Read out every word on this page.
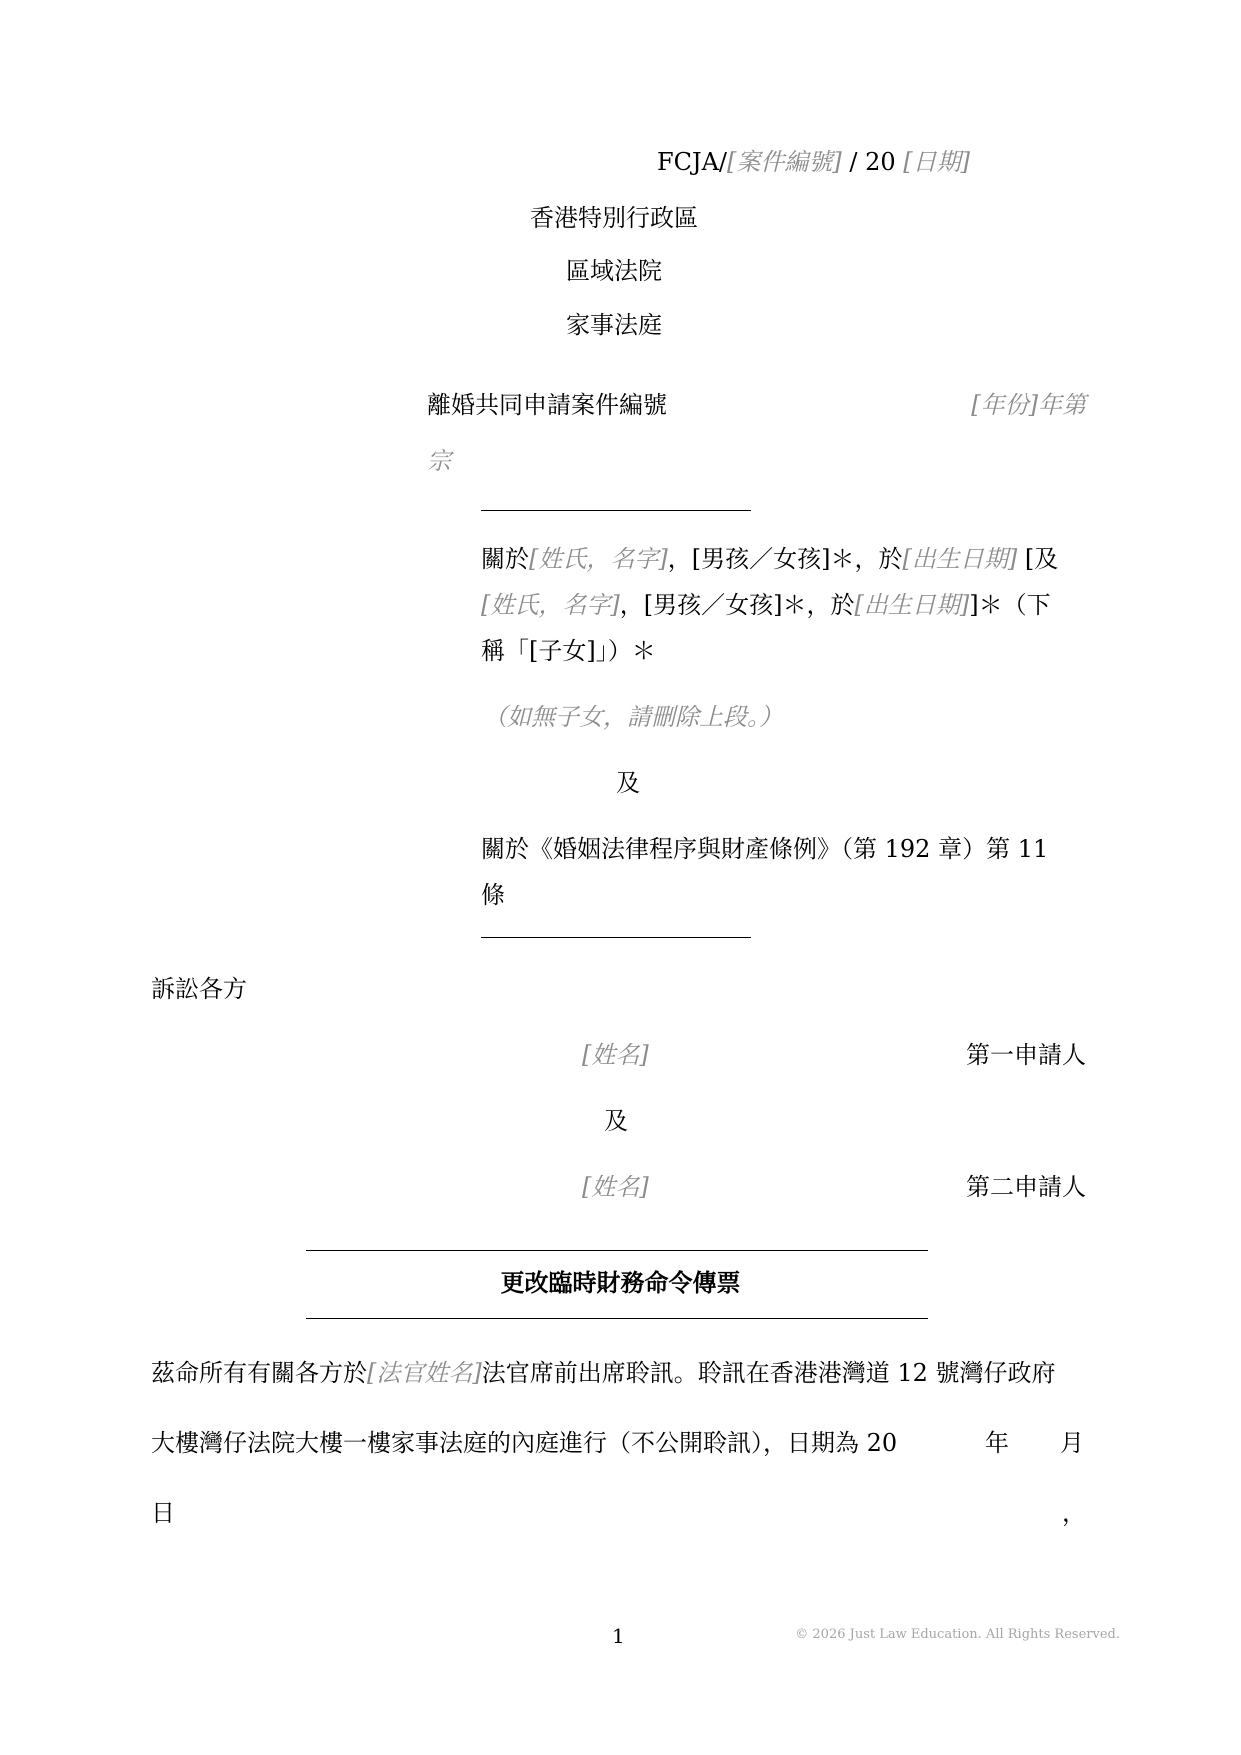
FCJA/[案件編號] / 20 [日期]
香港特別行政區
區域法院
家事法庭
離婚共同申請案件編號	[年份]年第
宗
關於[姓氏，名字]，[男孩／女孩]＊，於[出生日期] [及
[姓氏，名字]，[男孩／女孩]＊，於[出生日期]]＊（下
稱「[子女]」）＊
（如無子女，請刪除上段。）
及
關於《婚姻法律程序與財產條例》（第 192 章）第 11
條
訴訟各方
[姓名]	第一申請人
及
[姓名]	第二申請人
更改臨時財務命令傳票
茲命所有有關各方於[法官姓名]法官席前出席聆訊。聆訊在香港港灣道 12 號灣仔政府
大樓灣仔法院大樓一樓家事法庭的內庭進行（不公開聆訊），日期為 20	年 月
日	，
1	© 2026 Just Law Education. All Rights Reserved.
